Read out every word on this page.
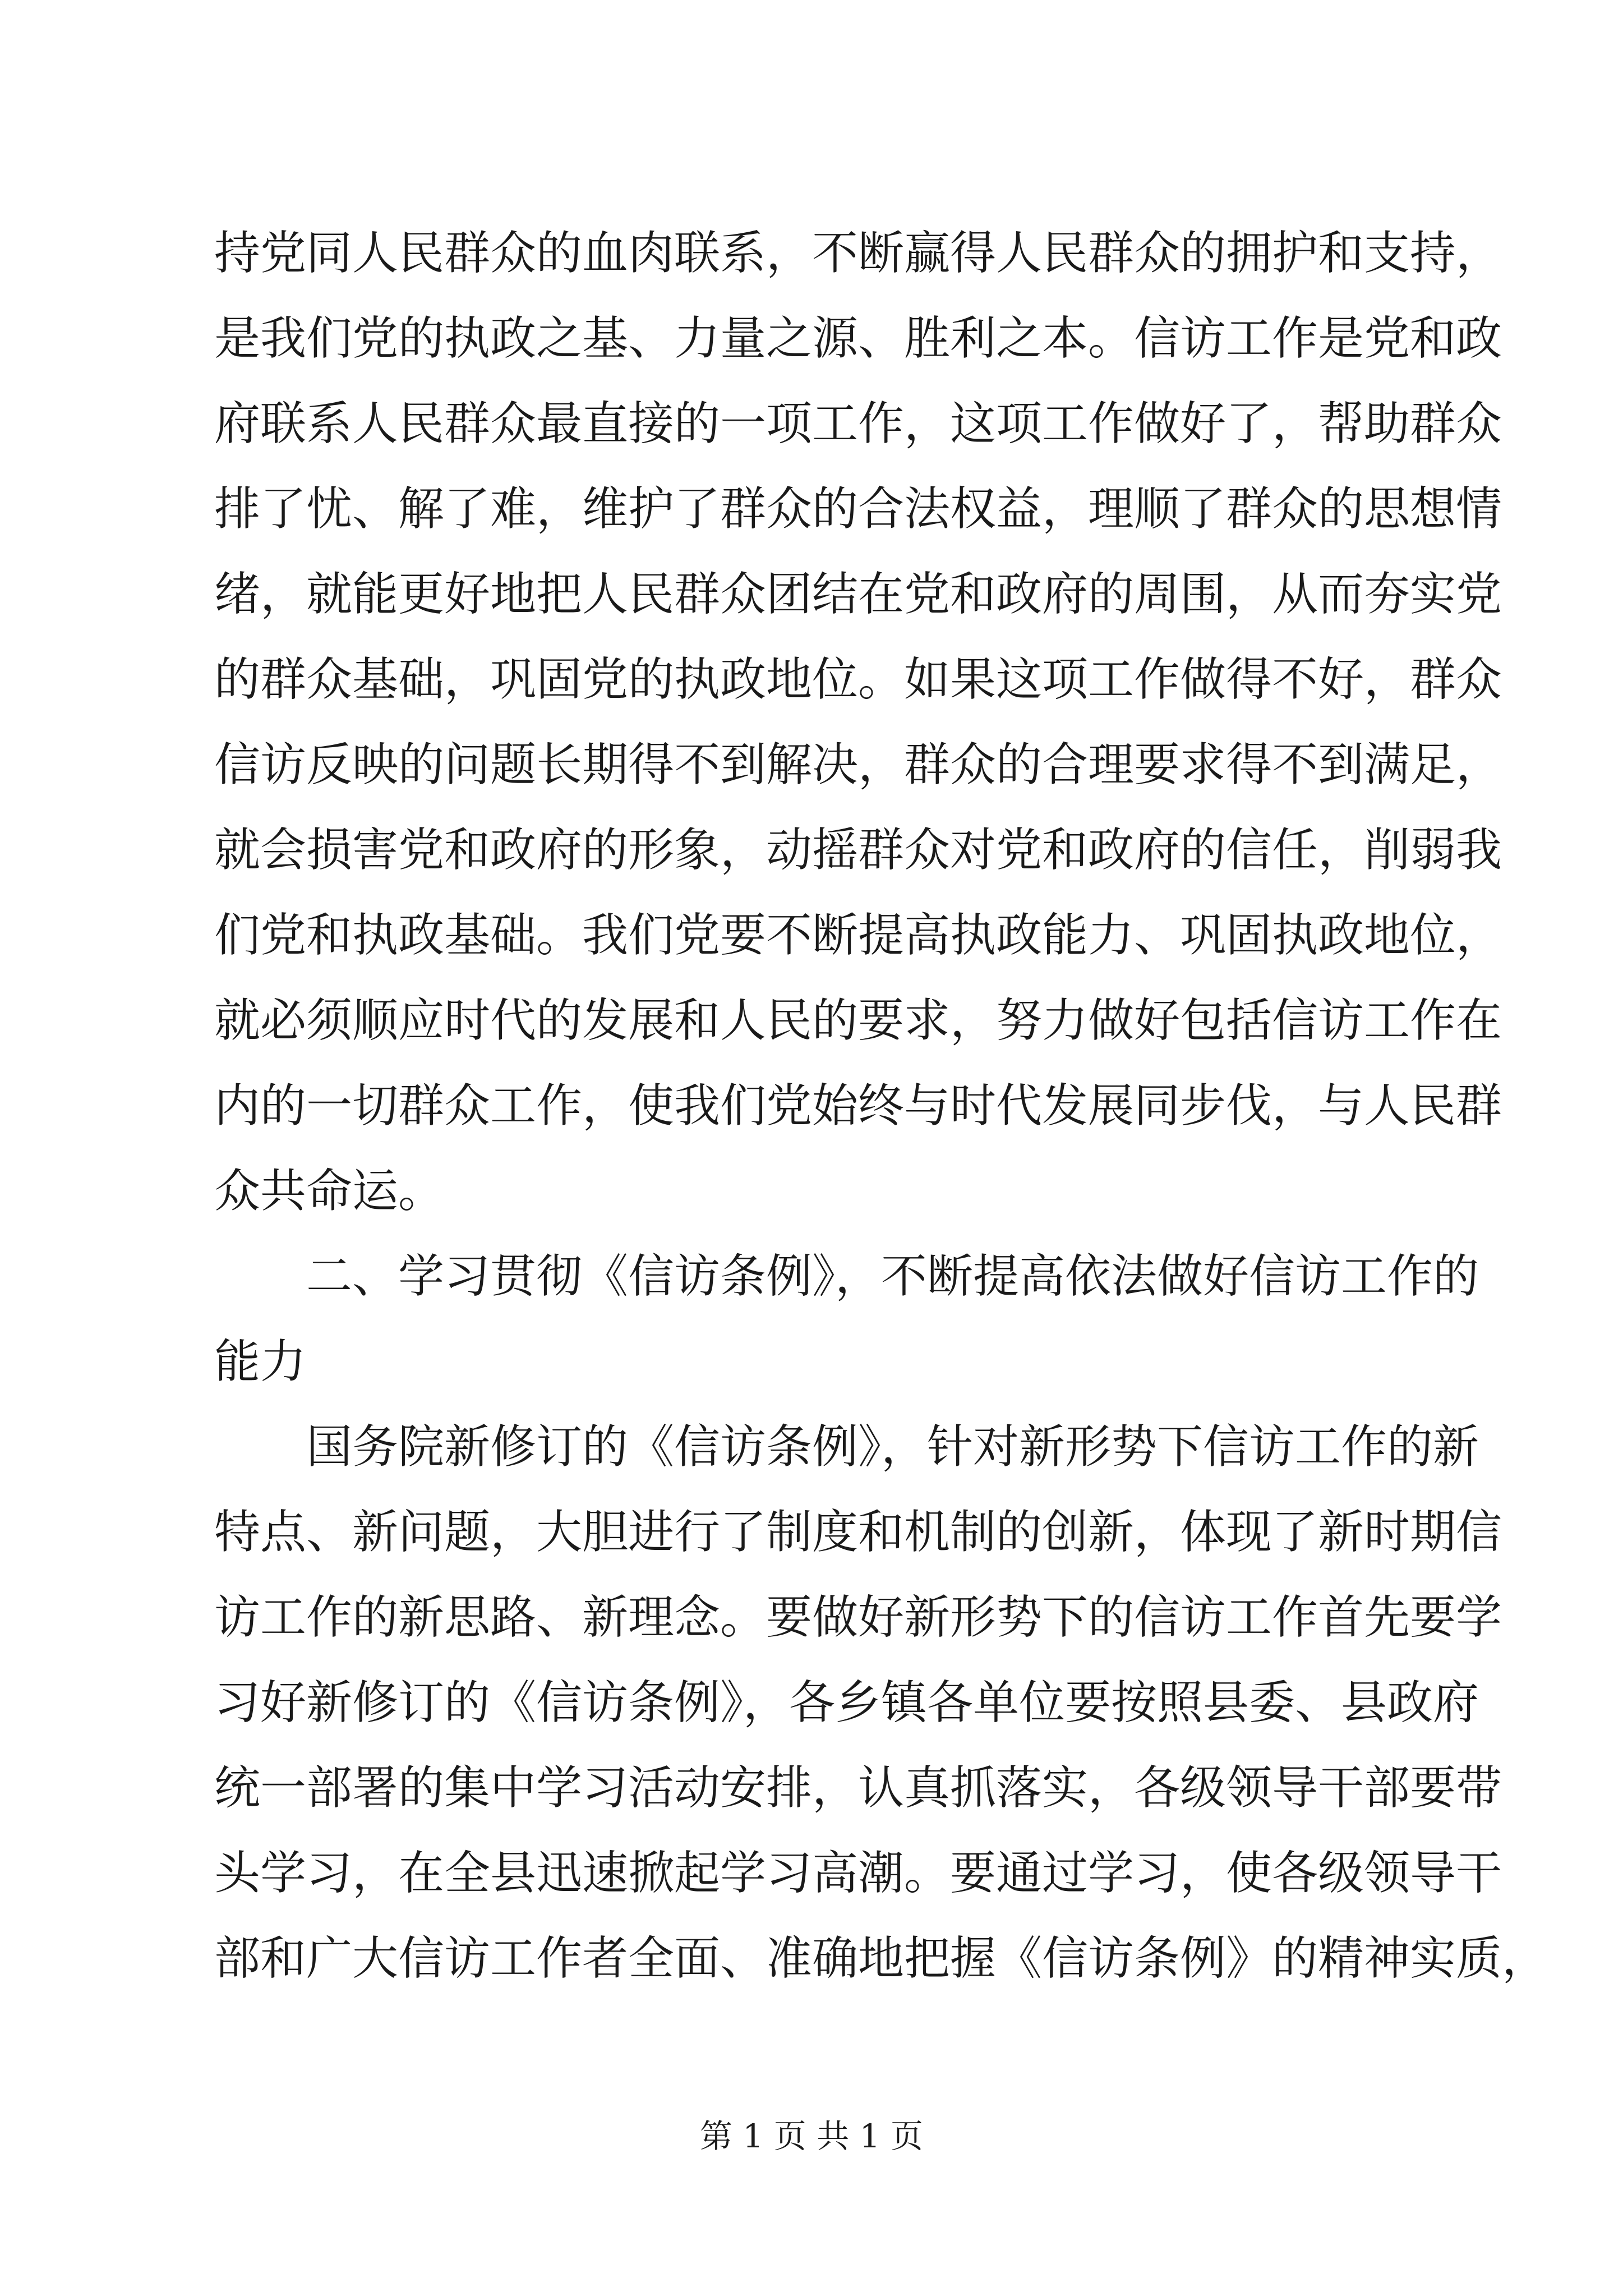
持党同人民群众的血肉联系，不断赢得人民群众的拥护和支持，
是我们党的执政之基、力量之源、胜利之本。信访工作是党和政
府联系人民群众最直接的一项工作，这项工作做好了，帮助群众
排了忧、解了难，维护了群众的合法权益，理顺了群众的思想情
绪，就能更好地把人民群众团结在党和政府的周围，从而夯实党
的群众基础，巩固党的执政地位。如果这项工作做得不好，群众
信访反映的问题长期得不到解决，群众的合理要求得不到满足，
就会损害党和政府的形象，动摇群众对党和政府的信任，削弱我
们党和执政基础。我们党要不断提高执政能力、巩固执政地位，
就必须顺应时代的发展和人民的要求，努力做好包括信访工作在
内的一切群众工作，使我们党始终与时代发展同步伐，与人民群
众共命运。
　　二、学习贯彻《信访条例》，不断提高依法做好信访工作的
能力
　　国务院新修订的《信访条例》，针对新形势下信访工作的新
特点、新问题，大胆进行了制度和机制的创新，体现了新时期信
访工作的新思路、新理念。要做好新形势下的信访工作首先要学
习好新修订的《信访条例》，各乡镇各单位要按照县委、县政府
统一部署的集中学习活动安排，认真抓落实，各级领导干部要带
头学习，在全县迅速掀起学习高潮。要通过学习，使各级领导干
部和广大信访工作者全面、准确地把握《信访条例》的精神实质，
第 1 页 共 1 页
